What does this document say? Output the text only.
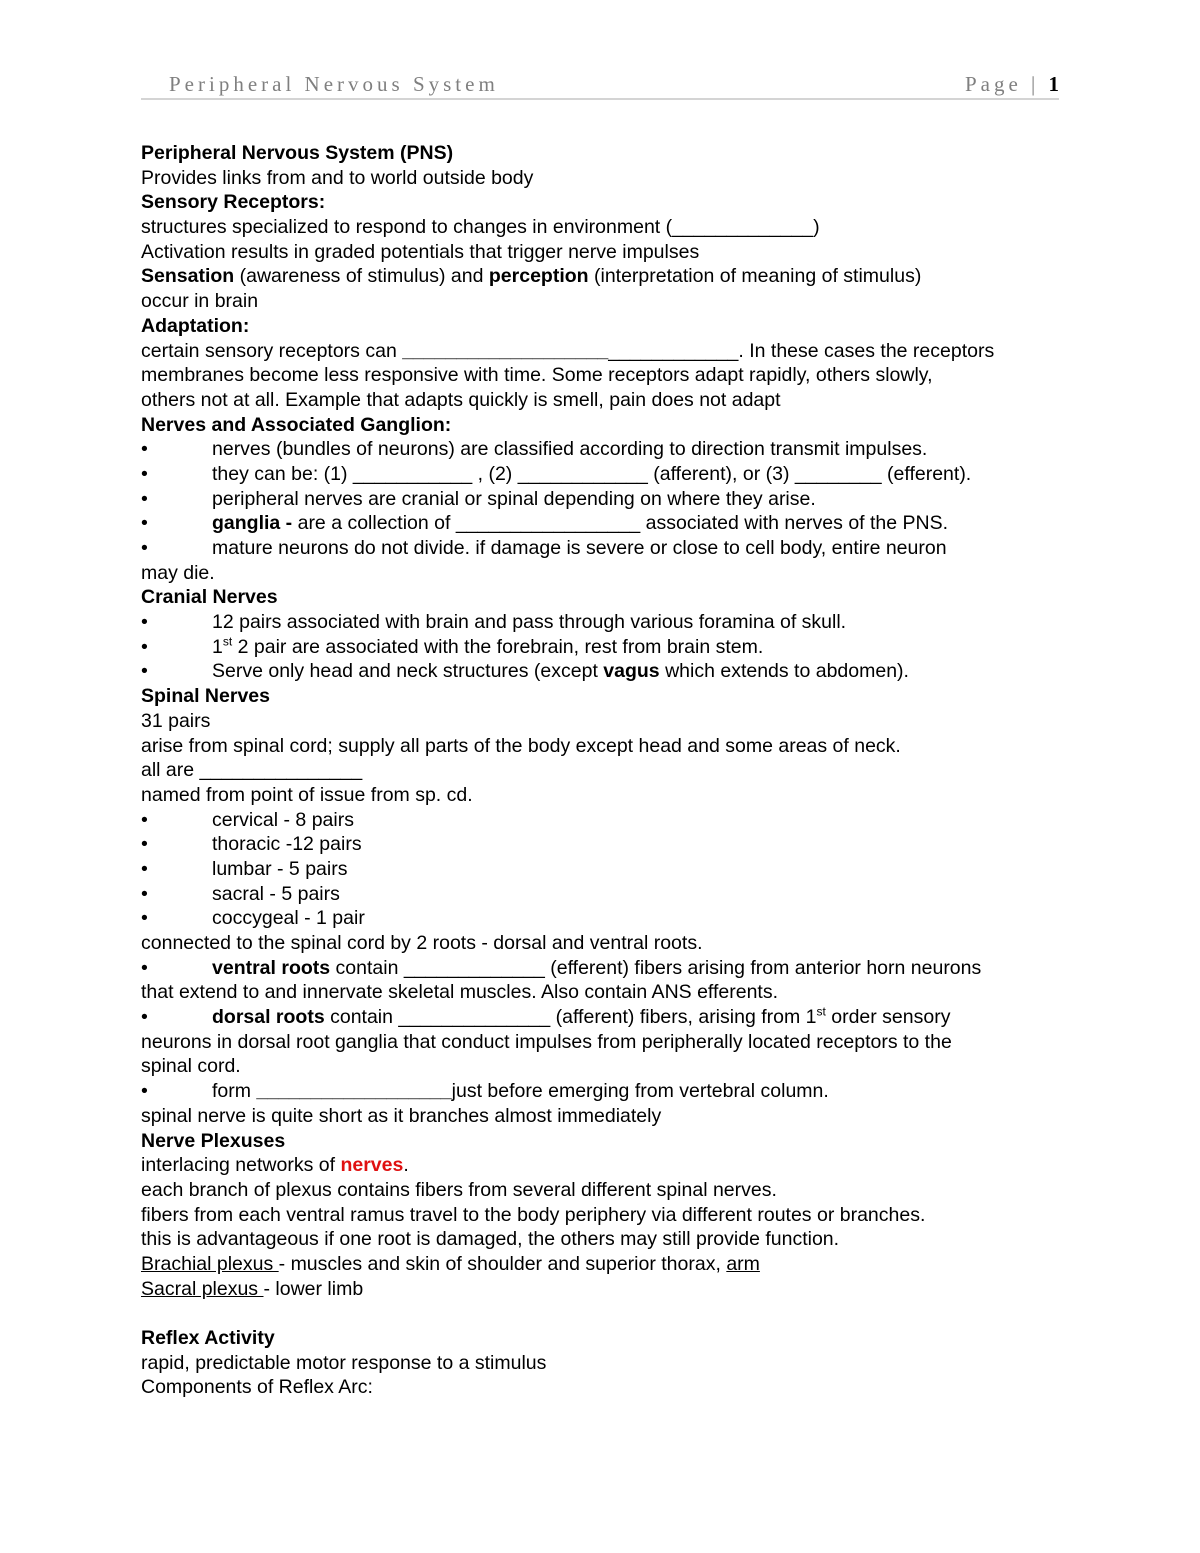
Peripheral Nervous System	Page | 1
Peripheral Nervous System (PNS)
Provides links from and to world outside body
Sensory Receptors:
structures specialized to respond to changes in environment (_____________)
Activation results in graded potentials that trigger nerve impulses
Sensation (awareness of stimulus) and perception (interpretation of meaning of stimulus)
occur in brain
Adaptation:
certain sensory receptors can _______________________________. In these cases the receptors
membranes become less responsive with time. Some receptors adapt rapidly, others slowly,
others not at all. Example that adapts quickly is smell, pain does not adapt
Nerves and Associated Ganglion:
•	nerves (bundles of neurons) are classified according to direction transmit impulses.
•	they can be: (1) ___________ , (2) ____________ (afferent), or (3) ________ (efferent).
•	peripheral nerves are cranial or spinal depending on where they arise.
•	ganglia - are a collection of _________________ associated with nerves of the PNS.
•	mature neurons do not divide. if damage is severe or close to cell body, entire neuron
may die.
Cranial Nerves
•	12 pairs associated with brain and pass through various foramina of skull.
•	1st 2 pair are associated with the forebrain, rest from brain stem.
•	Serve only head and neck structures (except vagus which extends to abdomen).
Spinal Nerves
31 pairs
arise from spinal cord; supply all parts of the body except head and some areas of neck.
all are _______________
named from point of issue from sp. cd.
•	cervical - 8 pairs
•	thoracic -12 pairs
•	lumbar - 5 pairs
•	sacral - 5 pairs
•	coccygeal - 1 pair
connected to the spinal cord by 2 roots - dorsal and ventral roots.
•	ventral roots contain _____________ (efferent) fibers arising from anterior horn neurons
that extend to and innervate skeletal muscles. Also contain ANS efferents.
•	dorsal roots contain ______________ (afferent) fibers, arising from 1st order sensory
neurons in dorsal root ganglia that conduct impulses from peripherally located receptors to the
spinal cord.
•	form __________________just before emerging from vertebral column.
spinal nerve is quite short as it branches almost immediately
Nerve Plexuses
interlacing networks of nerves.
each branch of plexus contains fibers from several different spinal nerves.
fibers from each ventral ramus travel to the body periphery via different routes or branches.
this is advantageous if one root is damaged, the others may still provide function.
Brachial plexus - muscles and skin of shoulder and superior thorax, arm
Sacral plexus - lower limb
Reflex Activity
rapid, predictable motor response to a stimulus
Components of Reflex Arc:
